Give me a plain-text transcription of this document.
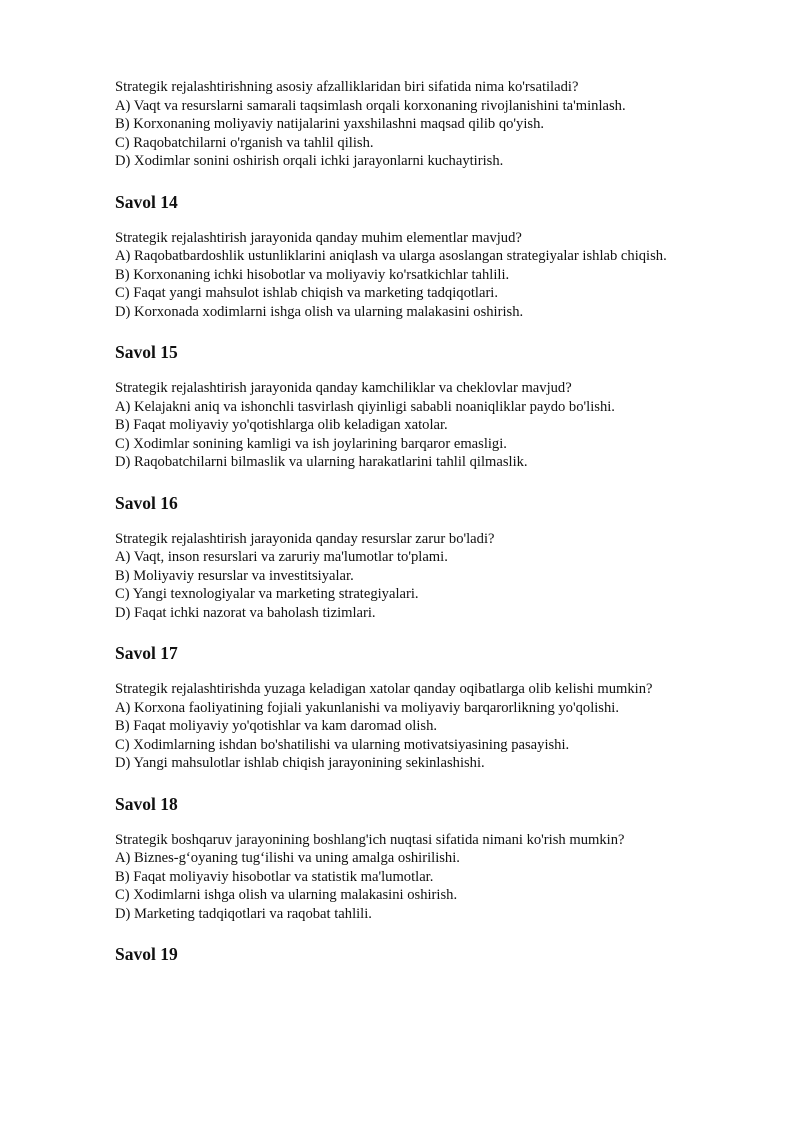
Strategik rejalashtirishning asosiy afzalliklaridan biri sifatida nima ko'rsatiladi?
A) Vaqt va resurslarni samarali taqsimlash orqali korxonaning rivojlanishini ta'minlash.
B) Korxonaning moliyaviy natijalarini yaxshilashni maqsad qilib qo'yish.
C) Raqobatchilarni o'rganish va tahlil qilish.
D) Xodimlar sonini oshirish orqali ichki jarayonlarni kuchaytirish.
Savol 14
Strategik rejalashtirish jarayonida qanday muhim elementlar mavjud?
A) Raqobatbardoshlik ustunliklarini aniqlash va ularga asoslangan strategiyalar ishlab chiqish.
B) Korxonaning ichki hisobotlar va moliyaviy ko'rsatkichlar tahlili.
C) Faqat yangi mahsulot ishlab chiqish va marketing tadqiqotlari.
D) Korxonada xodimlarni ishga olish va ularning malakasini oshirish.
Savol 15
Strategik rejalashtirish jarayonida qanday kamchiliklar va cheklovlar mavjud?
A) Kelajakni aniq va ishonchli tasvirlash qiyinligi sababli noaniqliklar paydo bo'lishi.
B) Faqat moliyaviy yo'qotishlarga olib keladigan xatolar.
C) Xodimlar sonining kamligi va ish joylarining barqaror emasligi.
D) Raqobatchilarni bilmaslik va ularning harakatlarini tahlil qilmaslik.
Savol 16
Strategik rejalashtirish jarayonida qanday resurslar zarur bo'ladi?
A) Vaqt, inson resurslari va zaruriy ma'lumotlar to'plami.
B) Moliyaviy resurslar va investitsiyalar.
C) Yangi texnologiyalar va marketing strategiyalari.
D) Faqat ichki nazorat va baholash tizimlari.
Savol 17
Strategik rejalashtirishda yuzaga keladigan xatolar qanday oqibatlarga olib kelishi mumkin?
A) Korxona faoliyatining fojiali yakunlanishi va moliyaviy barqarorlikning yo'qolishi.
B) Faqat moliyaviy yo'qotishlar va kam daromad olish.
C) Xodimlarning ishdan bo'shatilishi va ularning motivatsiyasining pasayishi.
D) Yangi mahsulotlar ishlab chiqish jarayonining sekinlashishi.
Savol 18
Strategik boshqaruv jarayonining boshlang'ich nuqtasi sifatida nimani ko'rish mumkin?
A) Biznes-g‘oyaning tug‘ilishi va uning amalga oshirilishi.
B) Faqat moliyaviy hisobotlar va statistik ma'lumotlar.
C) Xodimlarni ishga olish va ularning malakasini oshirish.
D) Marketing tadqiqotlari va raqobat tahlili.
Savol 19
